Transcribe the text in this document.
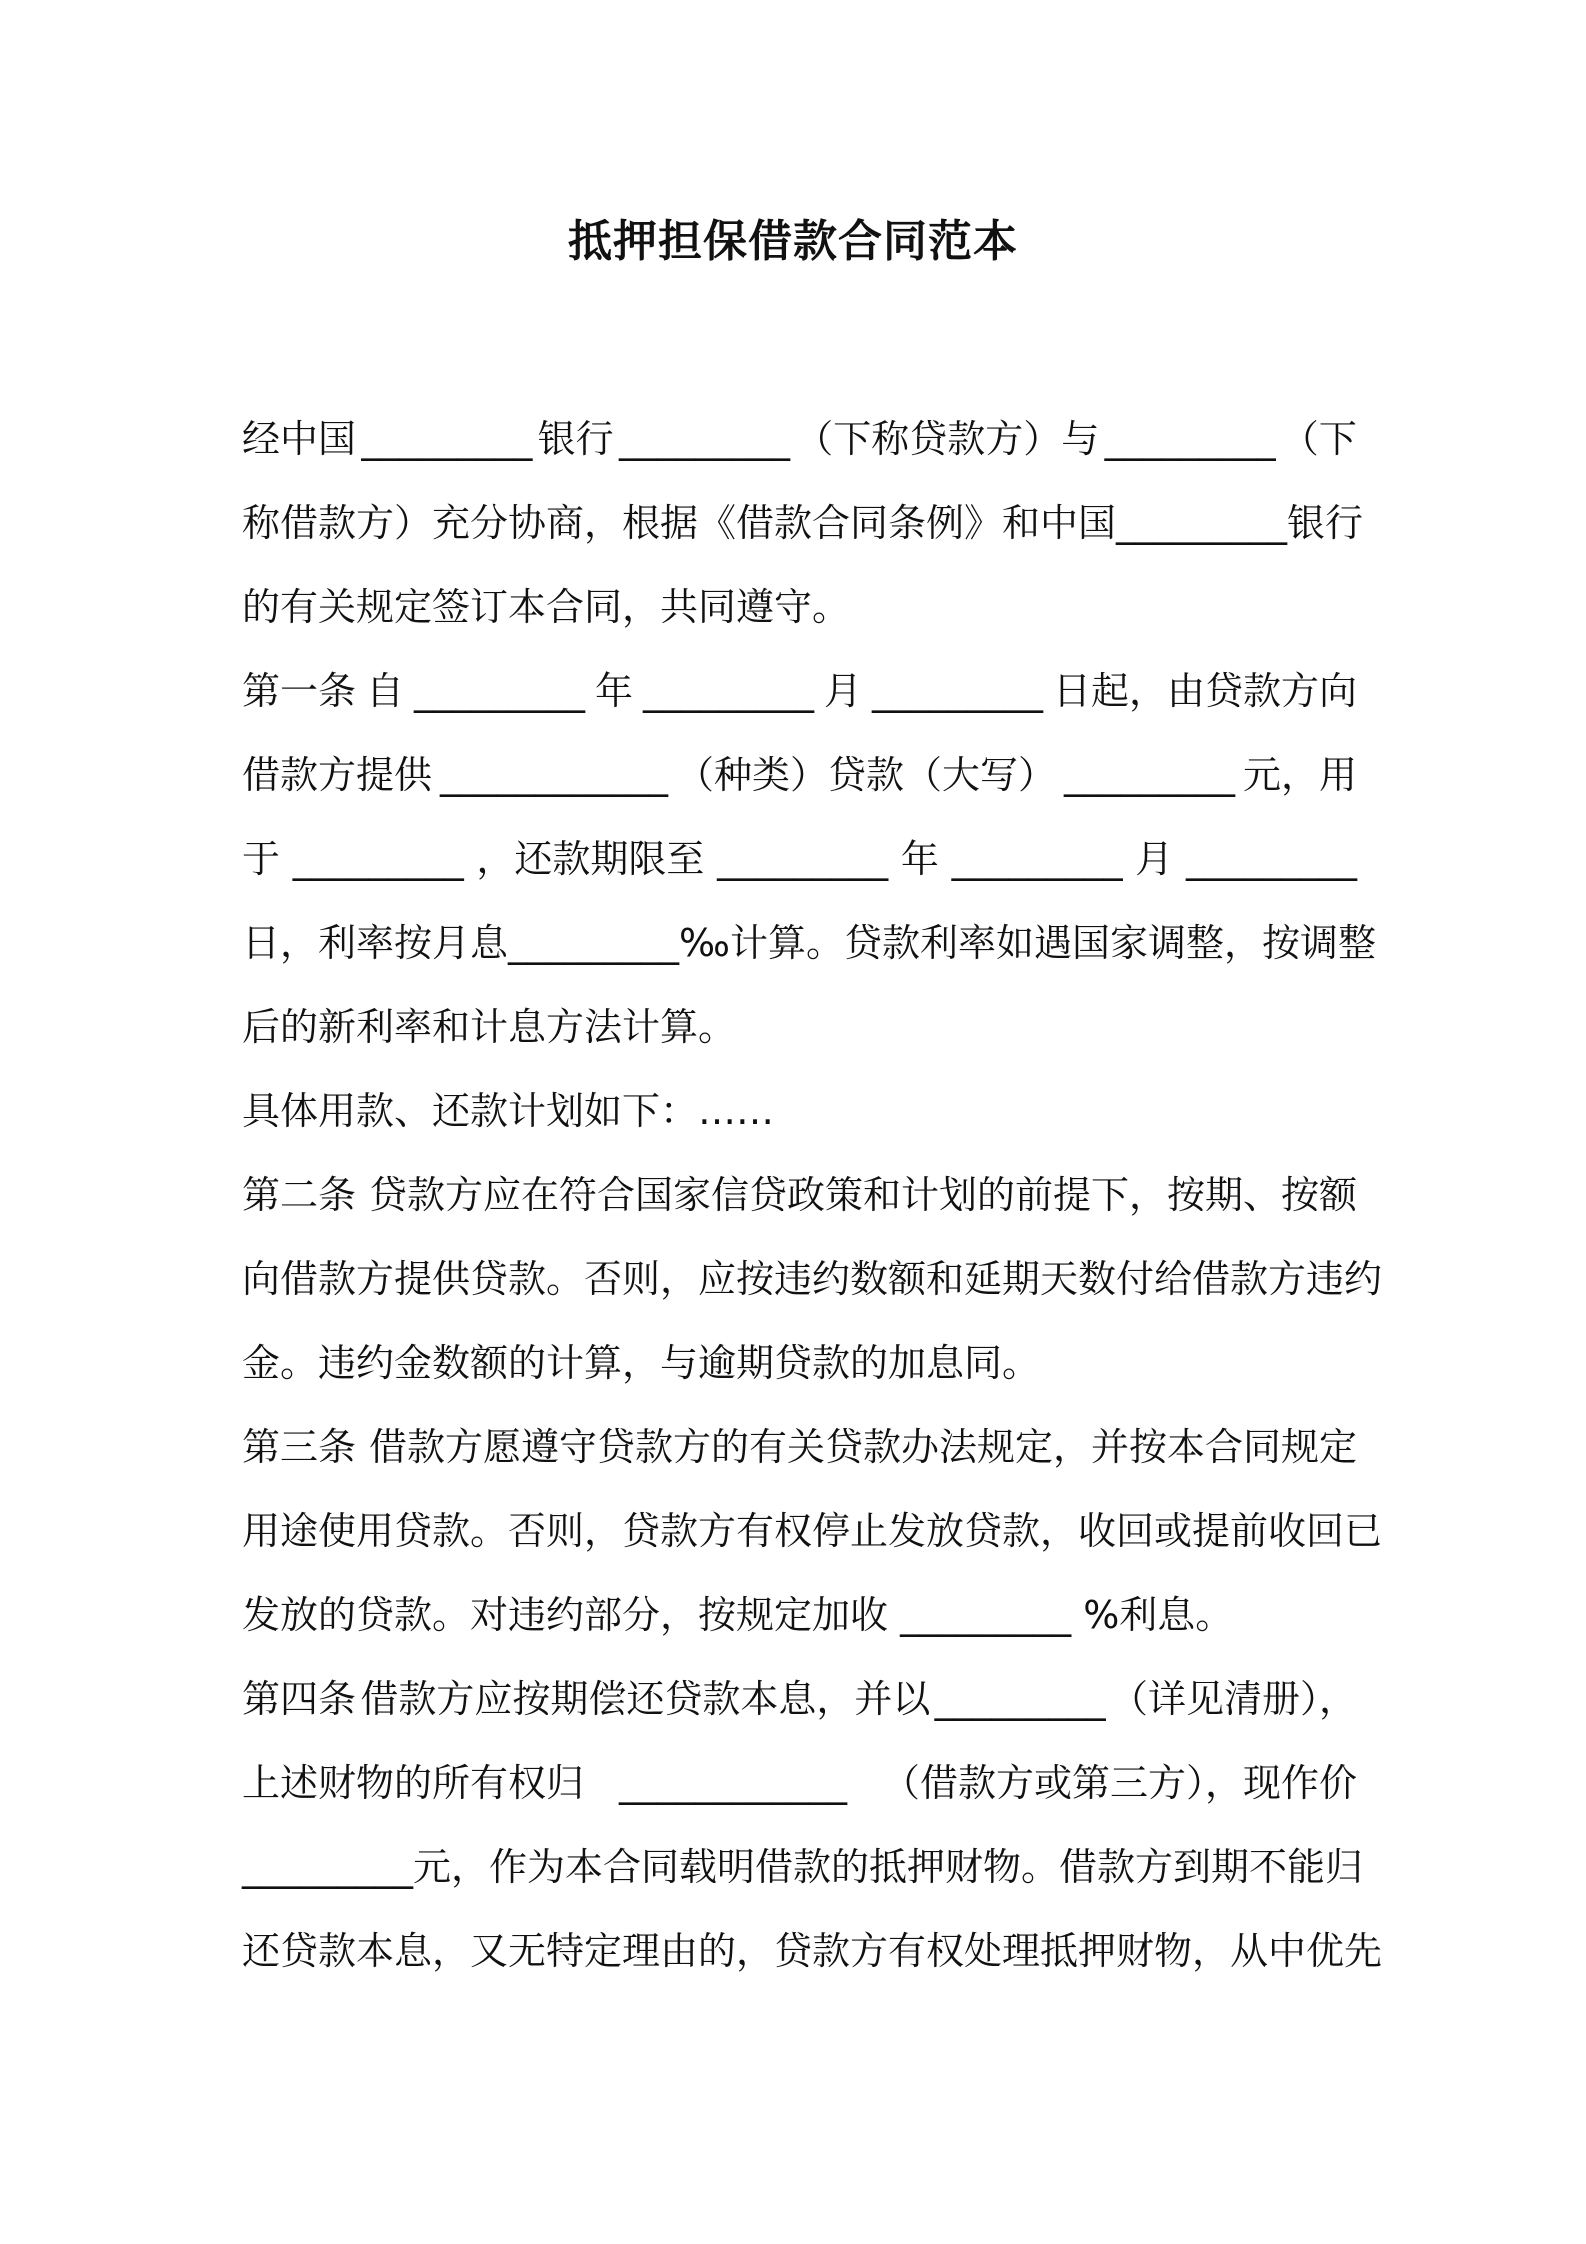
抵押担保借款合同范本
经中国 _________ 银行 _________ （下称贷款方）与 _________ （下
称借款方）充分协商，根据《借款合同条例》和中国 _________ 银行
的有关规定签订本合同，共同遵守。
第一条 自 _________ 年 _________ 月 _________ 日起，由贷款方向
借款方提供 ____________ （种类）贷款（大写） _________ 元，用
于 _________ ，还款期限至 _________ 年 _________ 月 _________
日，利率按月息 _________ ‰计算。贷款利率如遇国家调整，按调整
后的新利率和计息方法计算。
具体用款、还款计划如下：……
第二条 贷款方应在符合国家信贷政策和计划的前提下，按期、按额
向借款方提供贷款。否则，应按违约数额和延期天数付给借款方违约
金。违约金数额的计算，与逾期贷款的加息同。
第三条 借款方愿遵守贷款方的有关贷款办法规定，并按本合同规定
用途使用贷款。否则，贷款方有权停止发放贷款，收回或提前收回已
发放的贷款。对违约部分，按规定加收 _________ %利息。
第四条 借款方应按期偿还贷款本息，并以 _________ （详见清册），
上述财物的所有权归 ____________ （借款方或第三方），现作价
_________ 元，作为本合同载明借款的抵押财物。借款方到期不能归
还贷款本息，又无特定理由的，贷款方有权处理抵押财物，从中优先
